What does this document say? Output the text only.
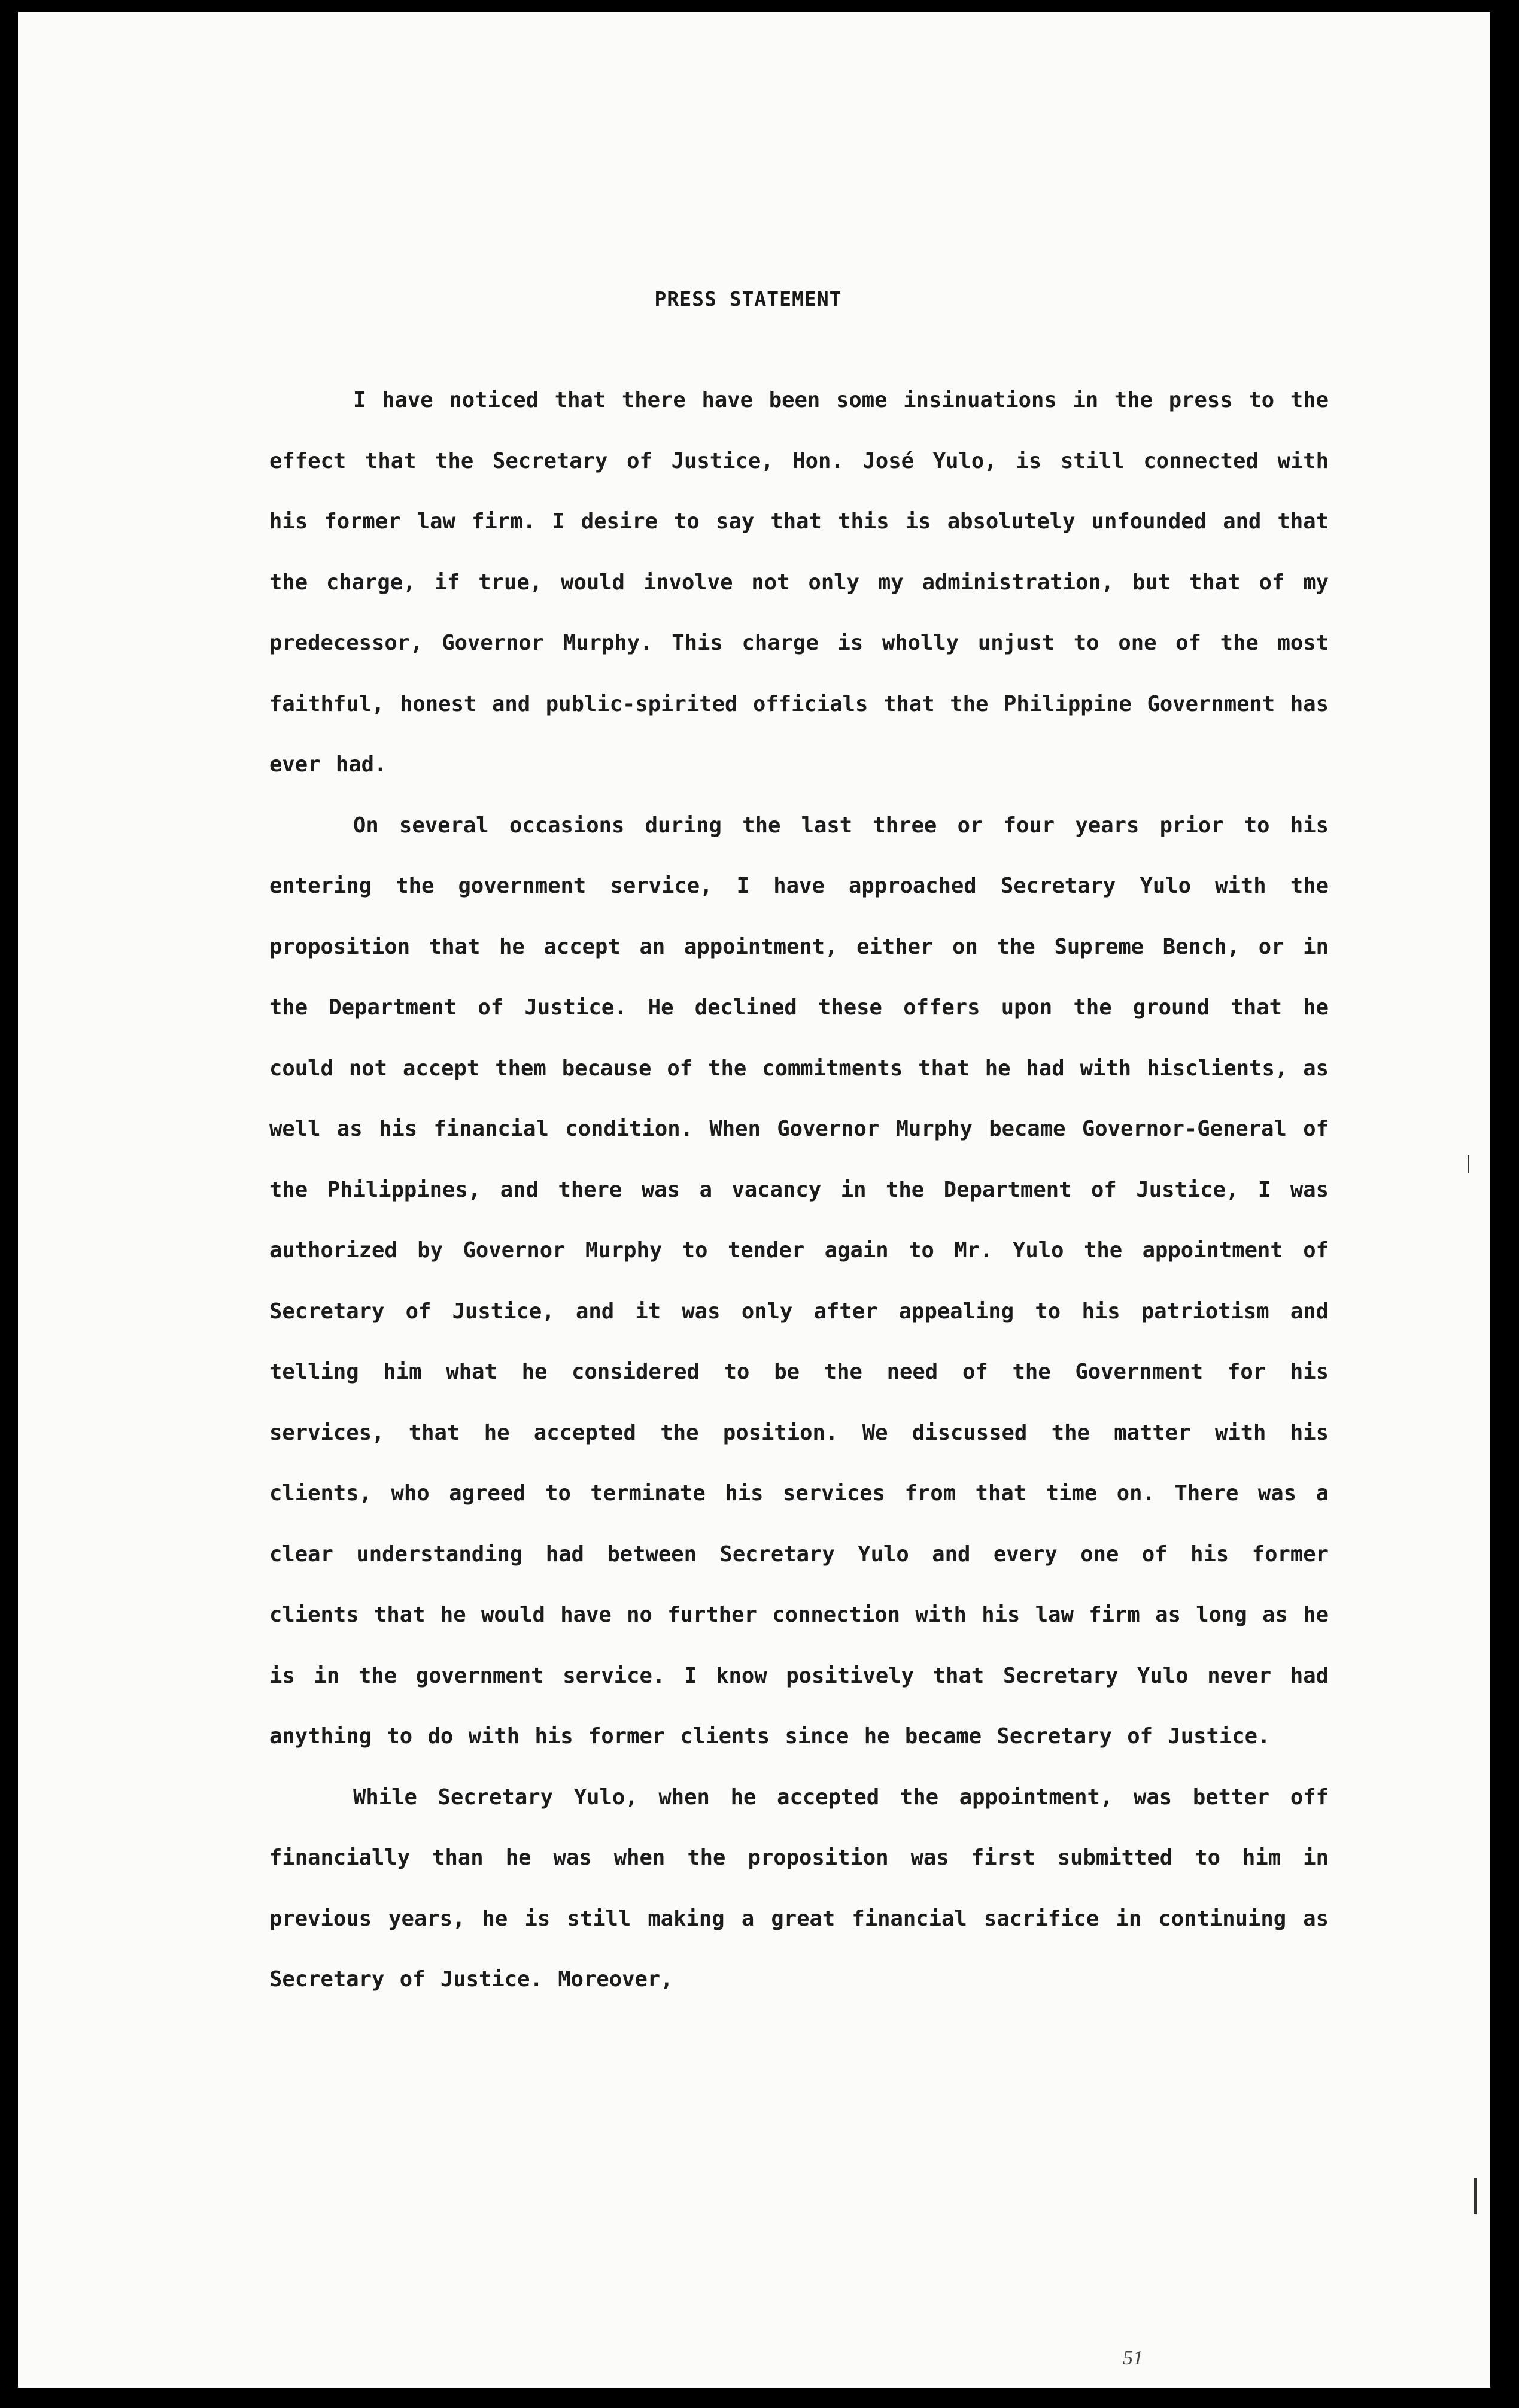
PRESS STATEMENT

I have noticed that there have been some insinuations in the press to the effect that the Secretary of Justice, Hon. José Yulo, is still connected with his former law firm. I desire to say that this is absolutely unfounded and that the charge, if true, would involve not only my administration, but that of my predecessor, Governor Murphy. This charge is wholly unjust to one of the most faithful, honest and public-spirited officials that the Philippine Government has ever had.

On several occasions during the last three or four years prior to his entering the government service, I have approached Secretary Yulo with the proposition that he accept an appointment, either on the Supreme Bench, or in the Department of Justice. He declined these offers upon the ground that he could not accept them because of the commitments that he had with hisclients, as well as his financial condition. When Governor Murphy became Governor-General of the Philippines, and there was a vacancy in the Department of Justice, I was authorized by Governor Murphy to tender again to Mr. Yulo the appointment of Secretary of Justice, and it was only after appealing to his patriotism and telling him what he considered to be the need of the Government for his services, that he accepted the position. We discussed the matter with his clients, who agreed to terminate his services from that time on. There was a clear understanding had between Secretary Yulo and every one of his former clients that he would have no further connection with his law firm as long as he is in the government service. I know positively that Secretary Yulo never had anything to do with his former clients since he became Secretary of Justice.

While Secretary Yulo, when he accepted the appointment, was better off financially than he was when the proposition was first submitted to him in previous years, he is still making a great financial sacrifice in continuing as Secretary of Justice. Moreover,

51
